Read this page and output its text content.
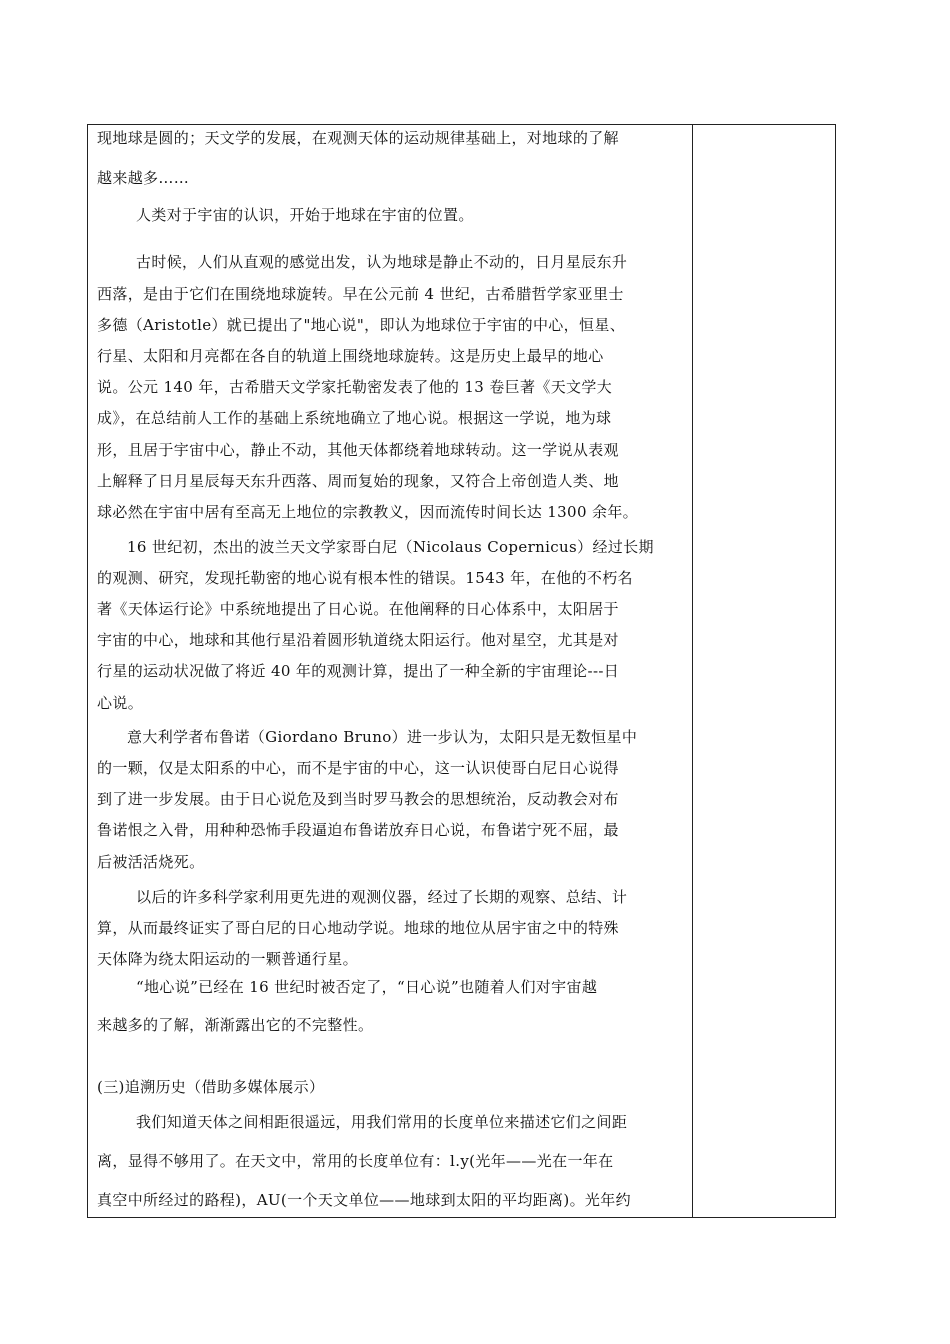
现地球是圆的；天文学的发展，在观测天体的运动规律基础上，对地球的了解

越来越多……

人类对于宇宙的认识，开始于地球在宇宙的位置。

古时候，人们从直观的感觉出发，认为地球是静止不动的，日月星辰东升

西落，是由于它们在围绕地球旋转。早在公元前 4 世纪，古希腊哲学家亚里士

多德（Aristotle）就已提出了"地心说"，即认为地球位于宇宙的中心，恒星、

行星、太阳和月亮都在各自的轨道上围绕地球旋转。这是历史上最早的地心

说。公元 140 年，古希腊天文学家托勒密发表了他的 13 卷巨著《天文学大

成》，在总结前人工作的基础上系统地确立了地心说。根据这一学说，地为球

形，且居于宇宙中心，静止不动，其他天体都绕着地球转动。这一学说从表观

上解释了日月星辰每天东升西落、周而复始的现象，又符合上帝创造人类、地

球必然在宇宙中居有至高无上地位的宗教教义，因而流传时间长达 1300 余年。

16 世纪初，杰出的波兰天文学家哥白尼（Nicolaus Copernicus）经过长期

的观测、研究，发现托勒密的地心说有根本性的错误。1543 年，在他的不朽名

著《天体运行论》中系统地提出了日心说。在他阐释的日心体系中，太阳居于

宇宙的中心，地球和其他行星沿着圆形轨道绕太阳运行。他对星空，尤其是对

行星的运动状况做了将近 40 年的观测计算，提出了一种全新的宇宙理论---日

心说。

意大利学者布鲁诺（Giordano Bruno）进一步认为，太阳只是无数恒星中

的一颗，仅是太阳系的中心，而不是宇宙的中心，这一认识使哥白尼日心说得

到了进一步发展。由于日心说危及到当时罗马教会的思想统治，反动教会对布

鲁诺恨之入骨，用种种恐怖手段逼迫布鲁诺放弃日心说，布鲁诺宁死不屈，最

后被活活烧死。

以后的许多科学家利用更先进的观测仪器，经过了长期的观察、总结、计

算，从而最终证实了哥白尼的日心地动学说。地球的地位从居宇宙之中的特殊

天体降为绕太阳运动的一颗普通行星。

“地心说”已经在 16 世纪时被否定了，“日心说”也随着人们对宇宙越

来越多的了解，渐渐露出它的不完整性。

(三)追溯历史（借助多媒体展示）

我们知道天体之间相距很遥远，用我们常用的长度单位来描述它们之间距

离，显得不够用了。在天文中，常用的长度单位有：l.y(光年——光在一年在

真空中所经过的路程)，AU(一个天文单位——地球到太阳的平均距离)。光年约
